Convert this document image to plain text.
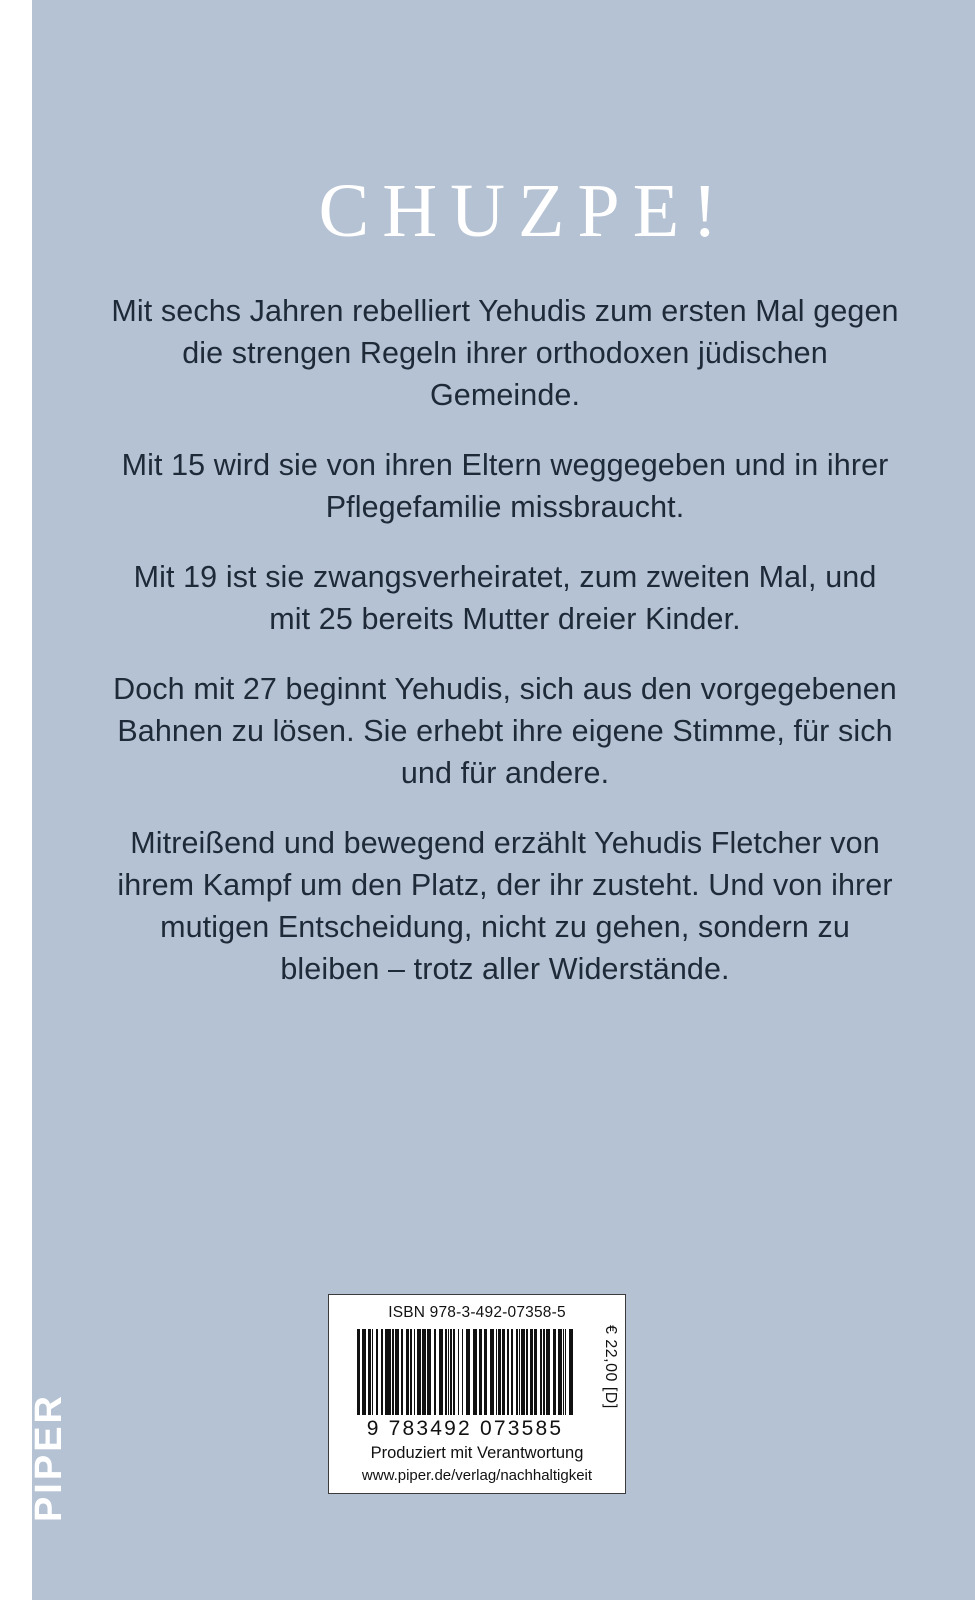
PIPER
CHUZPE!

Mit sechs Jahren rebelliert Yehudis zum ersten Mal gegen die strengen Regeln ihrer orthodoxen jüdischen Gemeinde.

Mit 15 wird sie von ihren Eltern weggegeben und in ihrer Pflegefamilie missbraucht.

Mit 19 ist sie zwangsverheiratet, zum zweiten Mal, und mit 25 bereits Mutter dreier Kinder.

Doch mit 27 beginnt Yehudis, sich aus den vorgegebenen Bahnen zu lösen. Sie erhebt ihre eigene Stimme, für sich und für andere.

Mitreißend und bewegend erzählt Yehudis Fletcher von ihrem Kampf um den Platz, der ihr zusteht. Und von ihrer mutigen Entscheidung, nicht zu gehen, sondern zu bleiben – trotz aller Widerstände.

ISBN 978-3-492-07358-5
9 783492 073585
€ 22,00 [D]
Produziert mit Verantwortung
www.piper.de/verlag/nachhaltigkeit
